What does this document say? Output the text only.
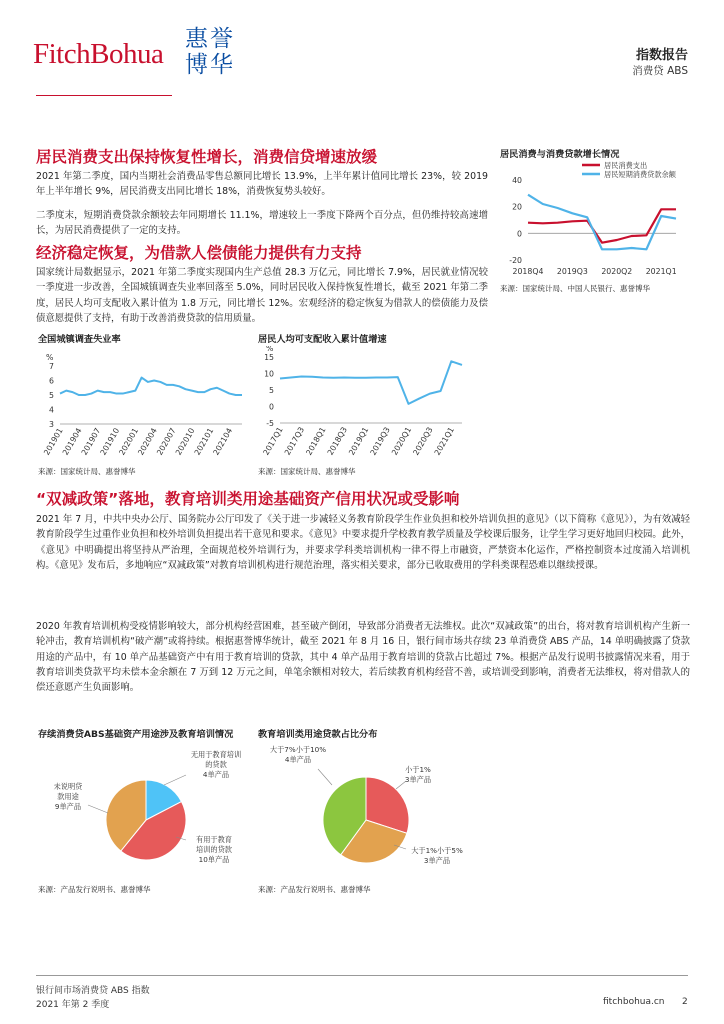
FitchBohua 惠誉博华	指数报告
消费贷 ABS
居民消费支出保持恢复性增长，消费信贷增速放缓

2021 年第二季度，国内当期社会消费品零售总额同比增长 13.9%，上半年累计值同比增长 23%，较 2019 年上半年增长 9%，居民消费支出同比增长 18%，消费恢复势头较好。

二季度末，短期消费贷款余额较去年同期增长 11.1%，增速较上一季度下降两个百分点，但仍维持较高速增长，为居民消费提供了一定的支持。

居民消费与消费贷款增长情况
-20
0
20
40
2018Q4 2019Q3 2020Q2 2021Q1
居民消费支出
居民短期消费贷款余额
来源：国家统计局、中国人民银行、惠誉博华
经济稳定恢复，为借款人偿债能力提供有力支持

国家统计局数据显示，2021 年第二季度实现国内生产总值 28.3 万亿元，同比增长 7.9%，居民就业情况较一季度进一步改善，全国城镇调查失业率回落至 5.0%，同时居民收入保持恢复性增长，截至 2021 年第二季度，居民人均可支配收入累计值为 1.8 万元，同比增长 12%。宏观经济的稳定恢复为借款人的偿债能力及偿债意愿提供了支持，有助于改善消费贷款的信用质量。

全国城镇调查失业率
%
3
4
5
6
7
201901
201904
201907
201910
202001
202004
202007
202010
202101
202104
来源：国家统计局、惠誉博华
居民人均可支配收入累计值增速
%
-5
0
5
10
15
2017Q1
2017Q3
2018Q1
2018Q3
2019Q1
2019Q3
2020Q1
2020Q3
2021Q1
来源：国家统计局、惠誉博华
“双减政策”落地，教育培训类用途基础资产信用状况或受影响

2021 年 7 月，中共中央办公厅、国务院办公厅印发了《关于进一步减轻义务教育阶段学生作业负担和校外培训负担的意见》（以下简称《意见》），为有效减轻教育阶段学生过重作业负担和校外培训负担提出若干意见和要求。《意见》中要求提升学校教育教学质量及学校课后服务，让学生学习更好地回归校园。此外，《意见》中明确提出将坚持从严治理，全面规范校外培训行为，并要求学科类培训机构一律不得上市融资，严禁资本化运作，严格控制资本过度涌入培训机构。《意见》发布后，多地响应“双减政策”对教育培训机构进行规范治理，落实相关要求，部分已收取费用的学科类课程恐难以继续授课。

2020 年教育培训机构受疫情影响较大，部分机构经营困难，甚至破产倒闭，导致部分消费者无法维权。此次“双减政策”的出台，将对教育培训机构产生新一轮冲击，教育培训机构“破产潮”或将持续。根据惠誉博华统计，截至 2021 年 8 月 16 日，银行间市场共存续 23 单消费贷 ABS 产品，14 单明确披露了贷款用途的产品中，有 10 单产品基础资产中有用于教育培训的贷款，其中 4 单产品用于教育培训的贷款占比超过 7%。根据产品发行说明书披露情况来看，用于教育培训类贷款平均未偿本金余额在 7 万到 12 万元之间，单笔余额相对较大，若后续教育机构经营不善，或培训受到影响，消费者无法维权，将对借款人的偿还意愿产生负面影响。

存续消费贷ABS基础资产用途涉及教育培训情况
无用于教育培训
的贷款
4单产品
有用于教育
培训的贷款
10单产品
未说明贷
款用途
9单产品
来源：产品发行说明书、惠誉博华
教育培训类用途贷款占比分布
小于1%
3单产品
大于1%小于5%
3单产品
大于7%小于10%
4单产品
来源：产品发行说明书、惠誉博华
银行间市场消费贷 ABS 指数
2021 年第 2 季度	fitchbohua.cn 2
